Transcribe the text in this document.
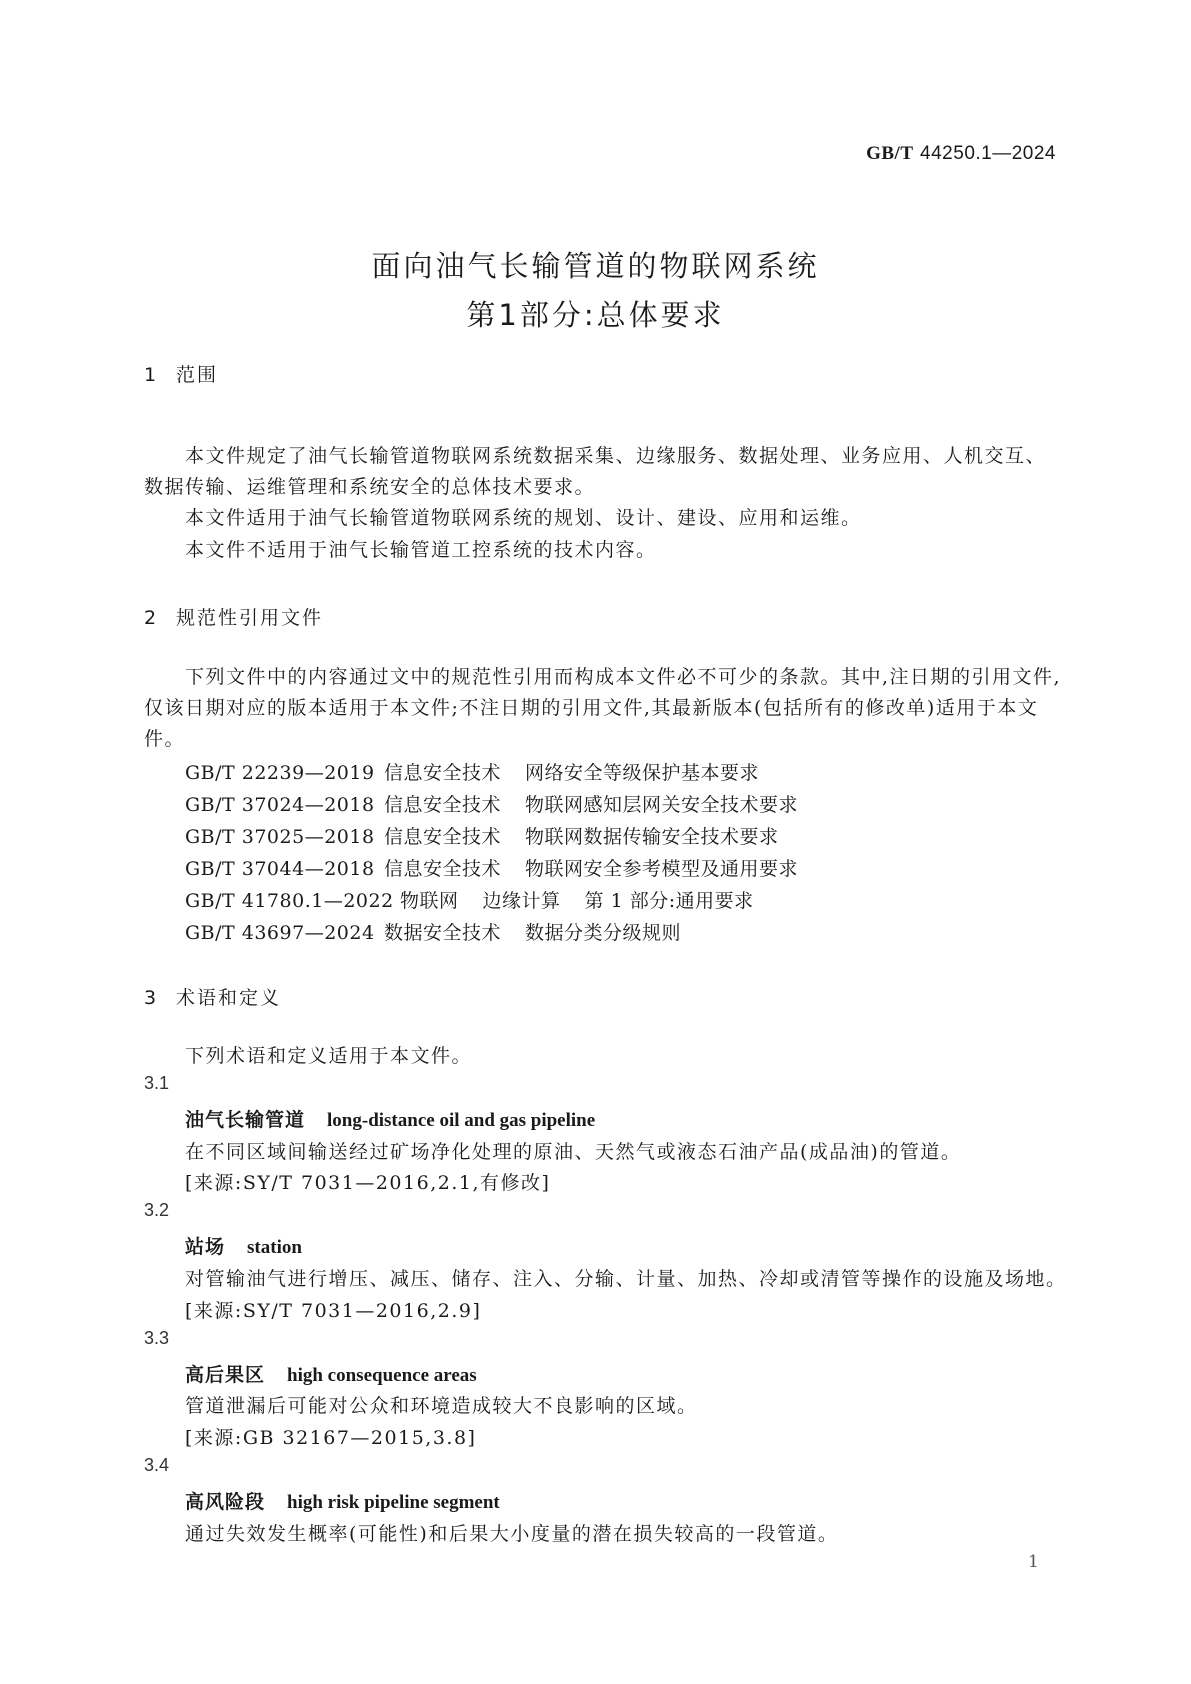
GB/T 44250.1—2024
面向油气长输管道的物联网系统
第1部分:总体要求
1 范围
本文件规定了油气长输管道物联网系统数据采集、边缘服务、数据处理、业务应用、人机交互、数据传输、运维管理和系统安全的总体技术要求。
本文件适用于油气长输管道物联网系统的规划、设计、建设、应用和运维。
本文件不适用于油气长输管道工控系统的技术内容。
2 规范性引用文件
下列文件中的内容通过文中的规范性引用而构成本文件必不可少的条款。其中,注日期的引用文件,仅该日期对应的版本适用于本文件;不注日期的引用文件,其最新版本(包括所有的修改单)适用于本文件。
GB/T 22239—2019 信息安全技术 网络安全等级保护基本要求
GB/T 37024—2018 信息安全技术 物联网感知层网关安全技术要求
GB/T 37025—2018 信息安全技术 物联网数据传输安全技术要求
GB/T 37044—2018 信息安全技术 物联网安全参考模型及通用要求
GB/T 41780.1—2022 物联网 边缘计算 第 1 部分:通用要求
GB/T 43697—2024 数据安全技术 数据分类分级规则
3 术语和定义
下列术语和定义适用于本文件。
3.1
油气长输管道 long-distance oil and gas pipeline
在不同区域间输送经过矿场净化处理的原油、天然气或液态石油产品(成品油)的管道。
[来源:SY/T 7031—2016,2.1,有修改]
3.2
站场 station
对管输油气进行增压、减压、储存、注入、分输、计量、加热、冷却或清管等操作的设施及场地。
[来源:SY/T 7031—2016,2.9]
3.3
高后果区 high consequence areas
管道泄漏后可能对公众和环境造成较大不良影响的区域。
[来源:GB 32167—2015,3.8]
3.4
高风险段 high risk pipeline segment
通过失效发生概率(可能性)和后果大小度量的潜在损失较高的一段管道。
1
